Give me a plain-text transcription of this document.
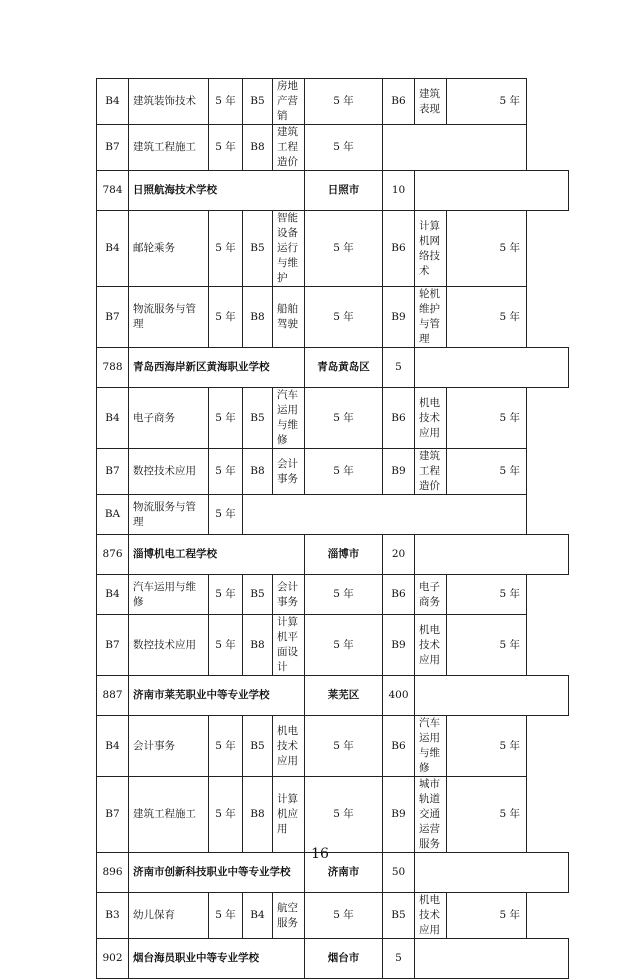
B4	建筑装饰技术	5 年	B5	房地产营销	5 年	B6	建筑表现	5 年
B7	建筑工程施工	5 年	B8	建筑工程造价	5 年			
784	日照航海技术学校				日照市	10		
B4	邮轮乘务	5 年	B5	智能设备运行与维护	5 年	B6	计算机网络技术	5 年
B7	物流服务与管理	5 年	B8	船舶驾驶	5 年	B9	轮机维护与管理	5 年
788	青岛西海岸新区黄海职业学校				青岛黄岛区	5		
B4	电子商务	5 年	B5	汽车运用与维修	5 年	B6	机电技术应用	5 年
B7	数控技术应用	5 年	B8	会计事务	5 年	B9	建筑工程造价	5 年
BA	物流服务与管理	5 年						
876	淄博机电工程学校				淄博市	20		
B4	汽车运用与维修	5 年	B5	会计事务	5 年	B6	电子商务	5 年
B7	数控技术应用	5 年	B8	计算机平面设计	5 年	B9	机电技术应用	5 年
887	济南市莱芜职业中等专业学校				莱芜区	400		
B4	会计事务	5 年	B5	机电技术应用	5 年	B6	汽车运用与维修	5 年
B7	建筑工程施工	5 年	B8	计算机应用	5 年	B9	城市轨道交通运营服务	5 年
896	济南市创新科技职业中等专业学校				济南市	50		
B3	幼儿保育	5 年	B4	航空服务	5 年	B5	机电技术应用	5 年
902	烟台海员职业中等专业学校				烟台市	5		
16
